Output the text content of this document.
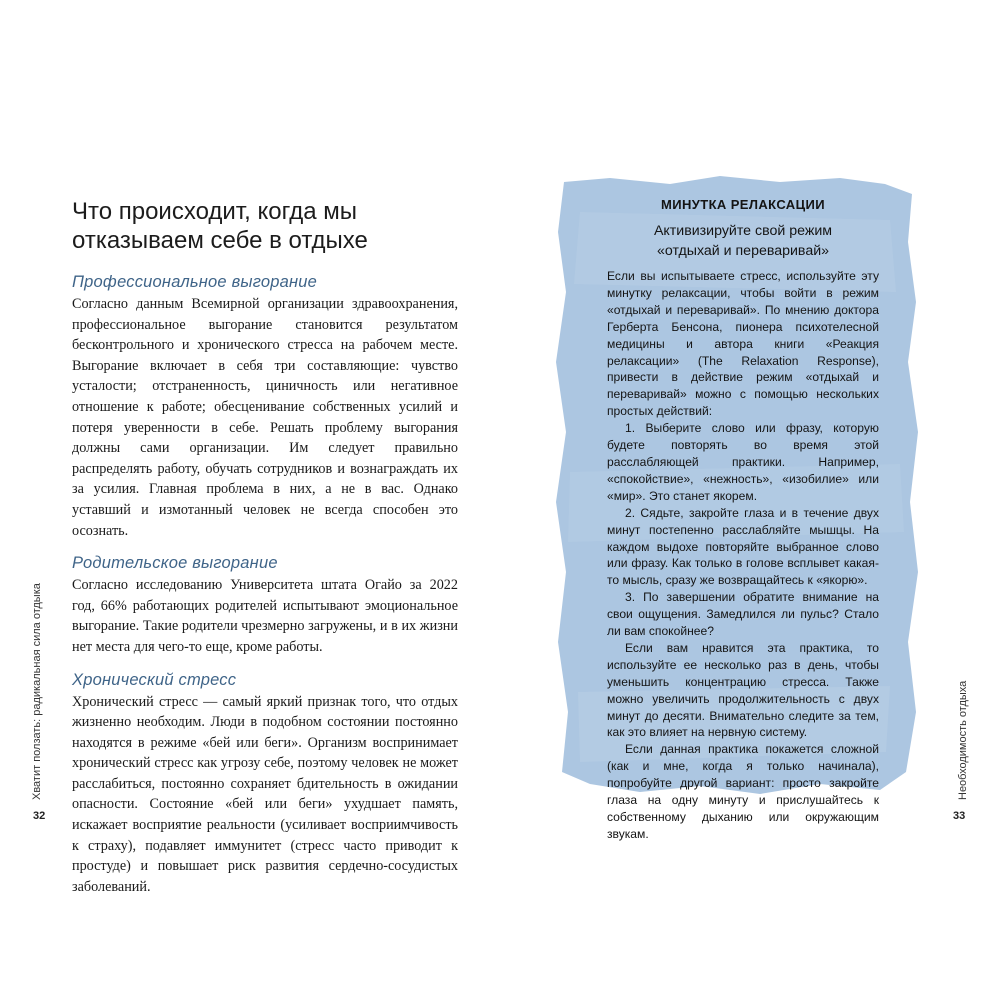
Что происходит, когда мы отказываем себе в отдыхе
Профессиональное выгорание

Согласно данным Всемирной организации здравоохранения, профессиональное выгорание становится результатом бесконтрольного и хронического стресса на рабочем месте. Выгорание включает в себя три составляющие: чувство усталости; отстраненность, циничность или негативное отношение к работе; обесценивание собственных усилий и потеря уверенности в себе. Решать проблему выгорания должны сами организации. Им следует правильно распределять работу, обучать сотрудников и вознаграждать их за усилия. Главная проблема в них, а не в вас. Однако уставший и измотанный человек не всегда способен это осознать.

Родительское выгорание

Согласно исследованию Университета штата Огайо за 2022 год, 66% работающих родителей испытывают эмоциональное выгорание. Такие родители чрезмерно загружены, и в их жизни нет места для чего-то еще, кроме работы.

Хронический стресс

Хронический стресс — самый яркий признак того, что отдых жизненно необходим. Люди в подобном состоянии постоянно находятся в режиме «бей или беги». Организм воспринимает хронический стресс как угрозу себе, поэтому человек не может расслабиться, постоянно сохраняет бдительность в ожидании опасности. Состояние «бей или беги» ухудшает память, искажает восприятие реальности (усиливает восприимчивость к страху), подавляет иммунитет (стресс часто приводит к простуде) и повышает риск развития сердечно-сосудистых заболеваний.

Хватит ползать: радикальная сила отдыка
32

МИНУТКА РЕЛАКСАЦИИ

Активизируйте свой режим
«отдыхай и переваривай»

Если вы испытываете стресс, используйте эту минутку релаксации, чтобы войти в режим «отдыхай и переваривай». По мнению доктора Герберта Бенсона, пионера психотелесной медицины и автора книги «Реакция релаксации» (The Relaxation Response), привести в действие режим «отдыхай и переваривай» можно с помощью нескольких простых действий:

1. Выберите слово или фразу, которую будете повторять во время этой расслабляющей практики. Например, «спокойствие», «нежность», «изобилие» или «мир». Это станет якорем.

2. Сядьте, закройте глаза и в течение двух минут постепенно расслабляйте мышцы. На каждом выдохе повторяйте выбранное слово или фразу. Как только в голове всплывет какая-то мысль, сразу же возвращайтесь к «якорю».

3. По завершении обратите внимание на свои ощущения. Замедлился ли пульс? Стало ли вам спокойнее?

Если вам нравится эта практика, то используйте ее несколько раз в день, чтобы уменьшить концентрацию стресса. Также можно увеличить продолжительность с двух минут до десяти. Внимательно следите за тем, как это влияет на нервную систему.

Если данная практика покажется сложной (как и мне, когда я только начинала), попробуйте другой вариант: просто закройте глаза на одну минуту и прислушайтесь к собственному дыханию или окружающим звукам.

Необходимость отдыха
33
